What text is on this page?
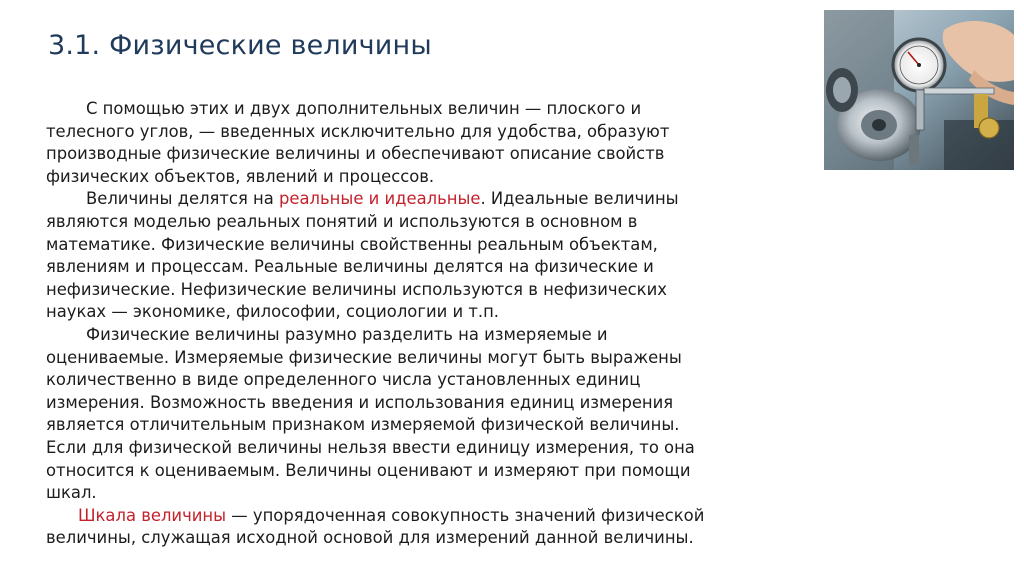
3.1. Физические величины
С помощью этих и двух дополнительных величин — плоского и
телесного углов, — введенных исключительно для удобства, образуют
производные физические величины и обеспечивают описание свойств
физических объектов, явлений и процессов.
Величины делятся на реальные и идеальные. Идеальные величины
являются моделью реальных понятий и используются в основном в
математике. Физические величины свойственны реальным объектам,
явлениям и процессам. Реальные величины делятся на физические и
нефизические. Нефизические величины используются в нефизических
науках — экономике, философии, социологии и т.п.
Физические величины разумно разделить на измеряемые и
оцениваемые. Измеряемые физические величины могут быть выражены
количественно в виде определенного числа установленных единиц
измерения. Возможность введения и использования единиц измерения
является отличительным признаком измеряемой физической величины.
Если для физической величины нельзя ввести единицу измерения, то она
относится к оцениваемым. Величины оценивают и измеряют при помощи
шкал.
Шкала величины — упорядоченная совокупность значений физической
величины, служащая исходной основой для измерений данной величины.
